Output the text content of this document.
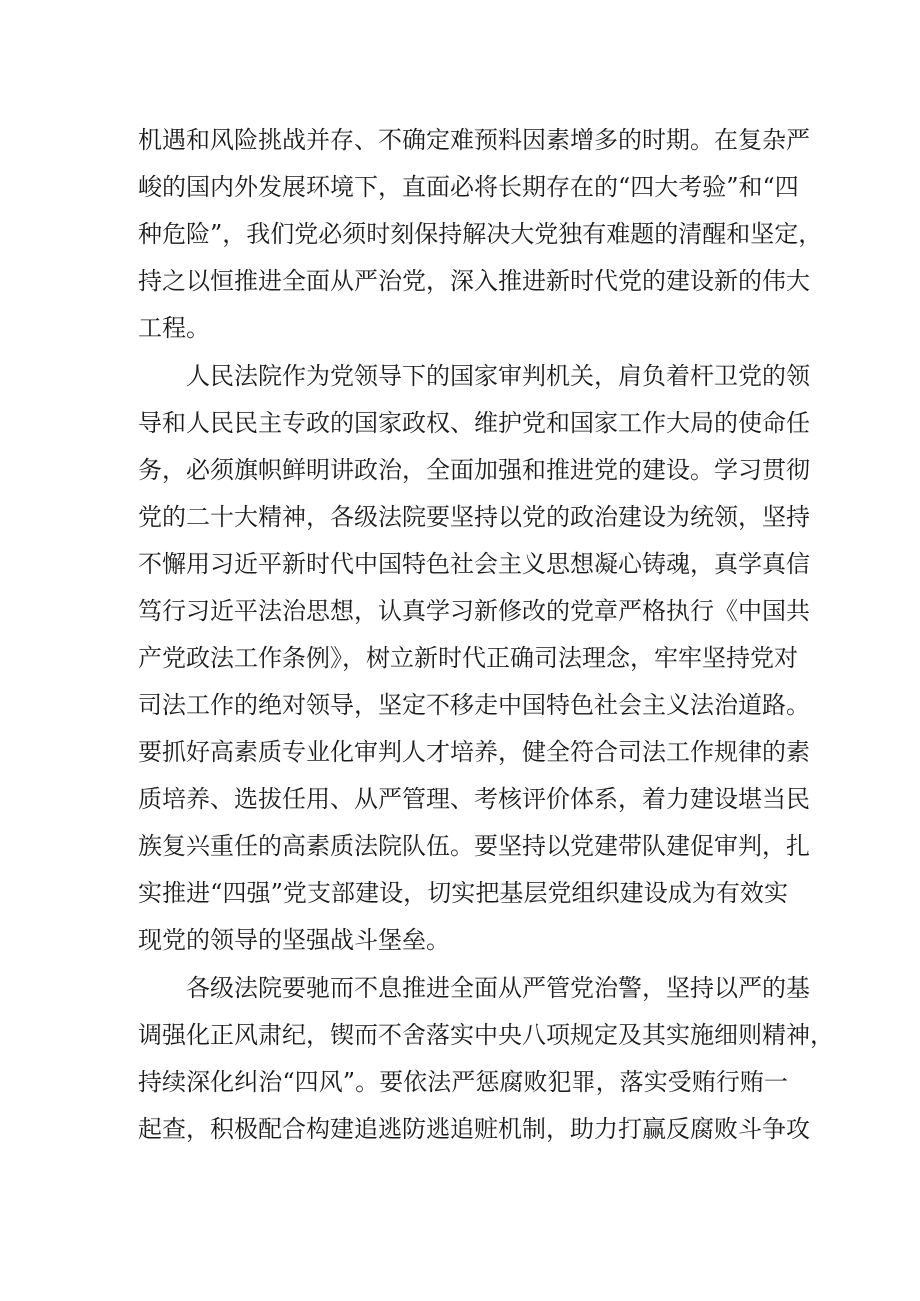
机遇和风险挑战并存、不确定难预料因素增多的时期。在复杂严
峻的国内外发展环境下，直面必将长期存在的“四大考验”和“四
种危险”，我们党必须时刻保持解决大党独有难题的清醒和坚定，
持之以恒推进全面从严治党，深入推进新时代党的建设新的伟大
工程。
人民法院作为党领导下的国家审判机关，肩负着杆卫党的领
导和人民民主专政的国家政权、维护党和国家工作大局的使命任
务，必须旗帜鲜明讲政治，全面加强和推进党的建设。学习贯彻
党的二十大精神，各级法院要坚持以党的政治建设为统领，坚持
不懈用习近平新时代中国特色社会主义思想凝心铸魂，真学真信
笃行习近平法治思想，认真学习新修改的党章严格执行《中国共
产党政法工作条例》，树立新时代正确司法理念，牢牢坚持党对
司法工作的绝对领导，坚定不移走中国特色社会主义法治道路。
要抓好高素质专业化审判人才培养，健全符合司法工作规律的素
质培养、选拔任用、从严管理、考核评价体系，着力建设堪当民
族复兴重任的高素质法院队伍。要坚持以党建带队建促审判，扎
实推进“四强”党支部建设，切实把基层党组织建设成为有效实
现党的领导的坚强战斗堡垒。
各级法院要驰而不息推进全面从严管党治警，坚持以严的基
调强化正风肃纪，锲而不舍落实中央八项规定及其实施细则精神，
持续深化纠治“四风”。要依法严惩腐败犯罪，落实受贿行贿一
起查，积极配合构建追逃防逃追赃机制，助力打赢反腐败斗争攻
